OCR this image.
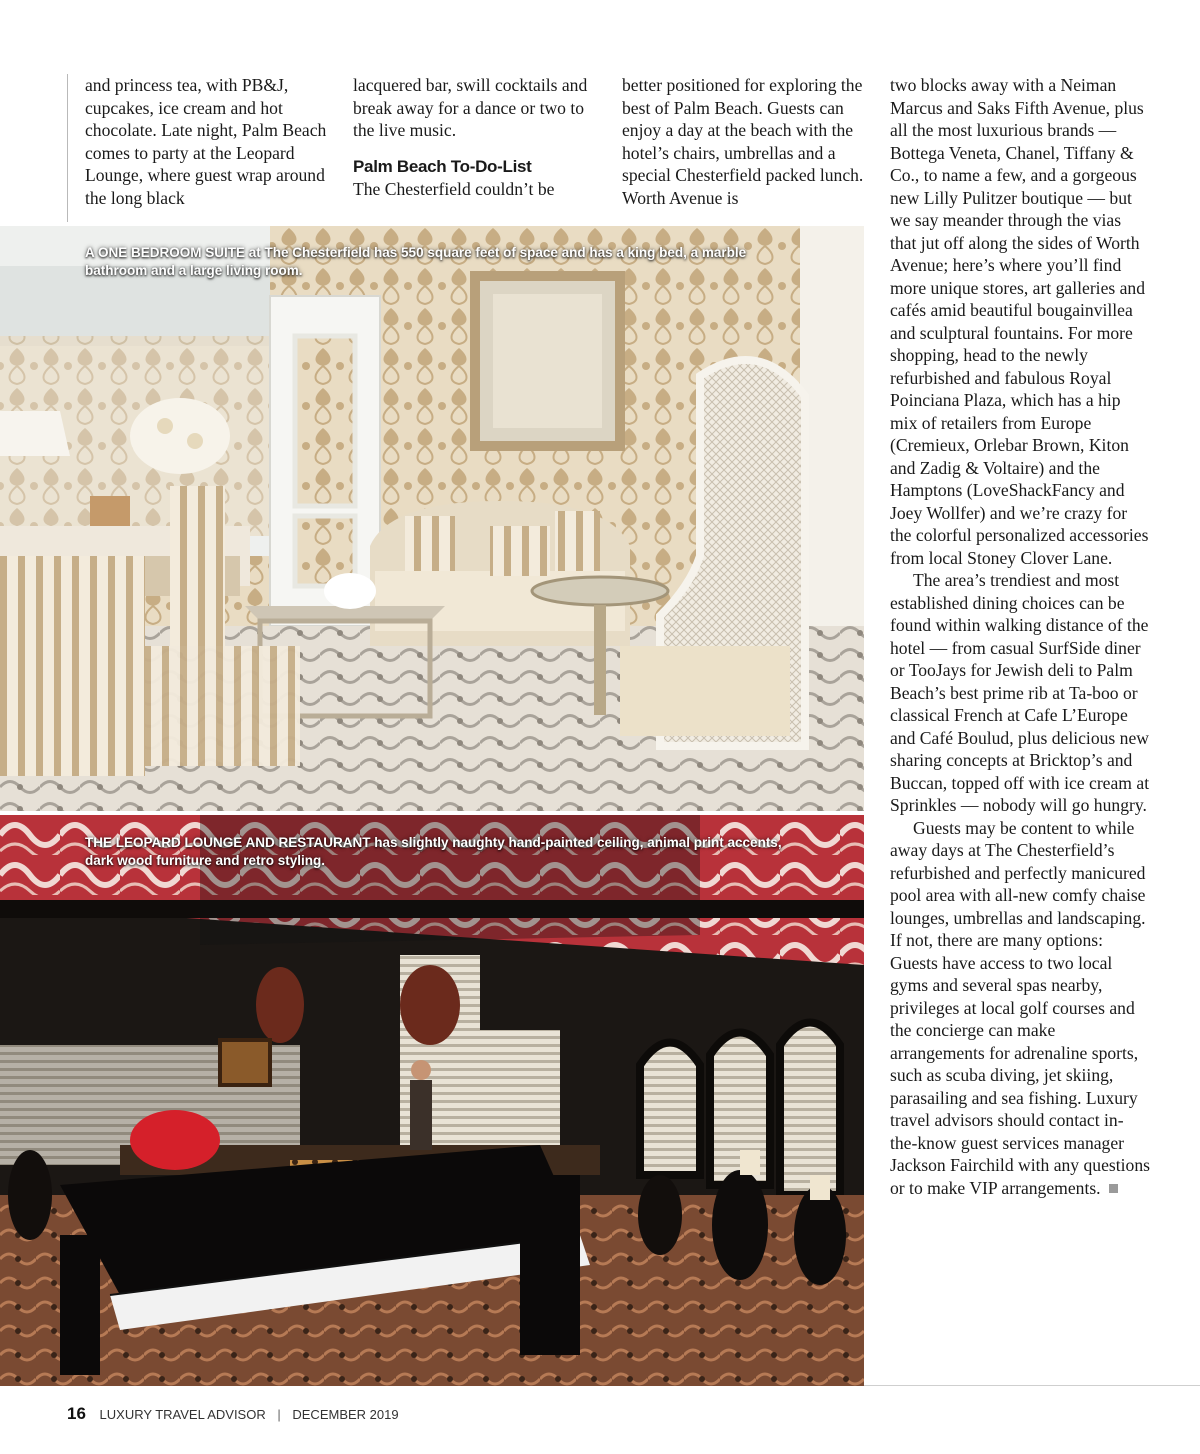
and princess tea, with PB&J, cupcakes, ice cream and hot chocolate. Late night, Palm Beach comes to party at the Leopard Lounge, where guest wrap around the long black

lacquered bar, swill cocktails and break away for a dance or two to the live music.

Palm Beach To-Do-List

The Chesterfield couldn’t be

better positioned for exploring the best of Palm Beach. Guests can enjoy a day at the beach with the hotel’s chairs, umbrellas and a special Chesterfield packed lunch. Worth Avenue is

two blocks away with a Neiman Marcus and Saks Fifth Avenue, plus all the most luxurious brands — Bottega Veneta, Chanel, Tiffany & Co., to name a few, and a gorgeous new Lilly Pulitzer boutique — but we say meander through the vias that jut off along the sides of Worth Avenue; here’s where you’ll find more unique stores, art galleries and cafés amid beautiful bougainvillea and sculptural fountains. For more shopping, head to the newly refurbished and fabulous Royal Poinciana Plaza, which has a hip mix of retailers from Europe (Cremieux, Orlebar Brown, Kiton and Zadig & Voltaire) and the Hamptons (LoveShackFancy and Joey Wollfer) and we’re crazy for the colorful personalized accessories from local Stoney Clover Lane.

The area’s trendiest and most established dining choices can be found within walking distance of the hotel — from casual SurfSide diner or TooJays for Jewish deli to Palm Beach’s best prime rib at Ta-boo or classical French at Cafe L’Europe and Café Boulud, plus delicious new sharing concepts at Bricktop’s and Buccan, topped off with ice cream at Sprinkles — nobody will go hungry.

Guests may be content to while away days at The Chesterfield’s refurbished and perfectly manicured pool area with all-new comfy chaise lounges, umbrellas and landscaping. If not, there are many options: Guests have access to two local gyms and several spas nearby, privileges at local golf courses and the concierge can make arrangements for adrenaline sports, such as scuba diving, jet skiing, parasailing and sea fishing. Luxury travel advisors should contact in-the-know guest services manager Jackson Fairchild with any questions or to make VIP arrangements.

A ONE BEDROOM SUITE at The Chesterfield has 550 square feet of space and has a king bed, a marble bathroom and a large living room.
THE LEOPARD LOUNGE AND RESTAURANT has slightly naughty hand-painted ceiling, animal print accents, dark wood furniture and retro styling.
16 LUXURY TRAVEL ADVISOR | DECEMBER 2019
